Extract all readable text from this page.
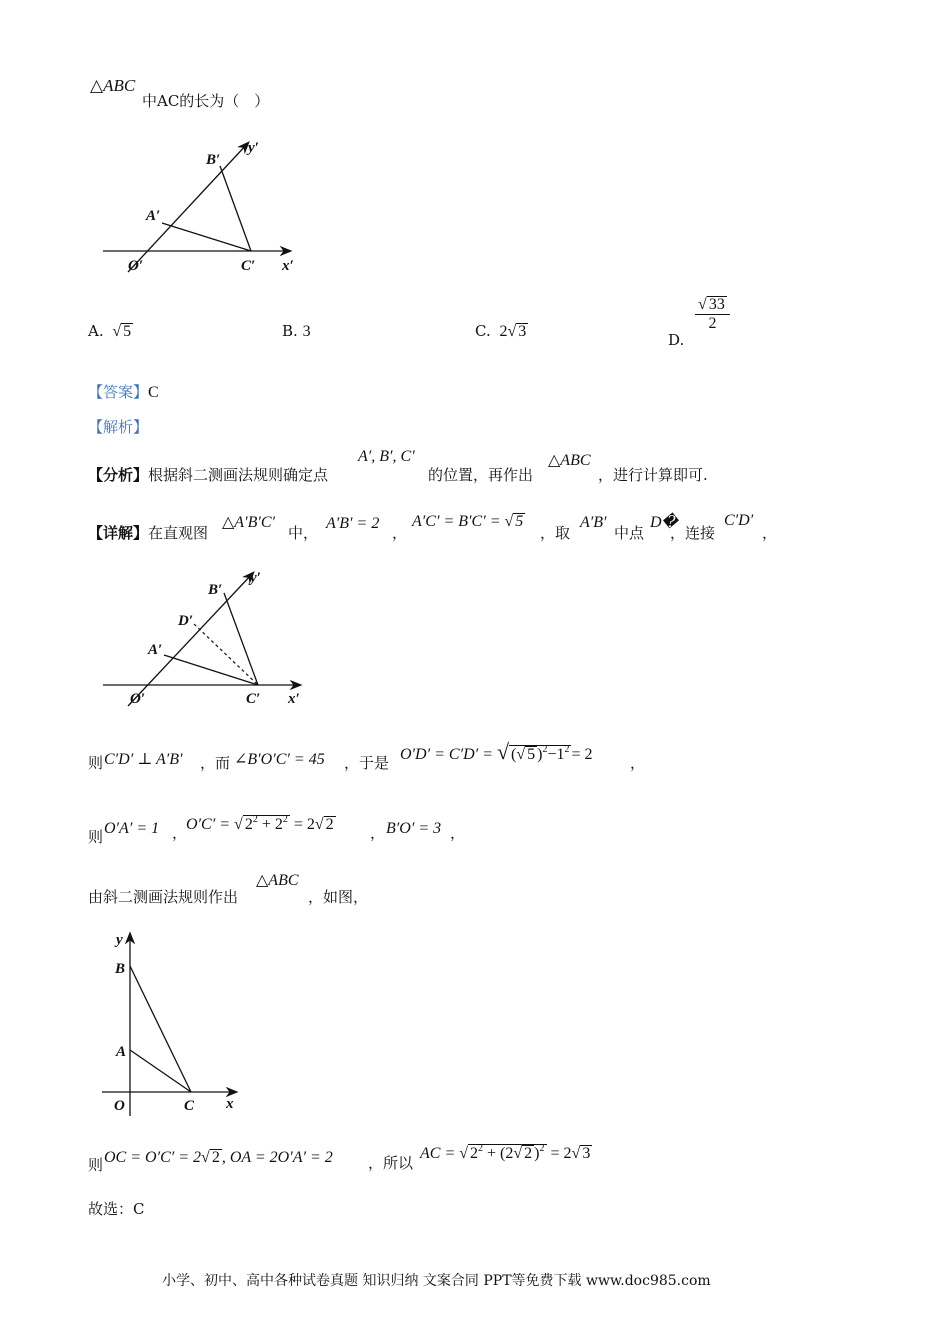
△ABC
中AC的长为（　）
B′
y′
A′
O′	C′ x′
A. √ 5	B. 3	C. 2√ 3	D.
$\frac{√ 33}{2}$
【答案】C
【解析】
【分析】根据斜二测画法规则确定点
A′, B′, C′
的位置，再作出
△ABC
，进行计算即可.
【详解】在直观图
△A′B′C′
中，
A′B′ = 2
，
A′C′ = B′C′ = √ 5
，取
A′B′
中点
D�
，连接
C′D′
，
B′
y′
D′
A′
O′	C′ x′
则 C′D′ ⊥ A′B′ ，而 ∠B′O′C′ = 45 ，于是 O′D′ = C′D′ = √ (√ 5 )$^2-1^2 = 2$ ，
则 O′A′ = 1 ，
O′C′ = √ $2^2 + 2^2 = 2√$ 2 ， B′O′ = 3 ，
由斜二测画法规则作出
△ABC
，如图，
y
B
A
O	C x
则 OC = O′C′ = 2√ 2 , OA = 2O′A′ = 2 ，所以
AC = √ $2^2 + (2√$ 2 )$^2$ = 2√ 3
故选：C
小学、初中、高中各种试卷真题 知识归纳 文案合同 PPT等免费下载 www.doc985.com
